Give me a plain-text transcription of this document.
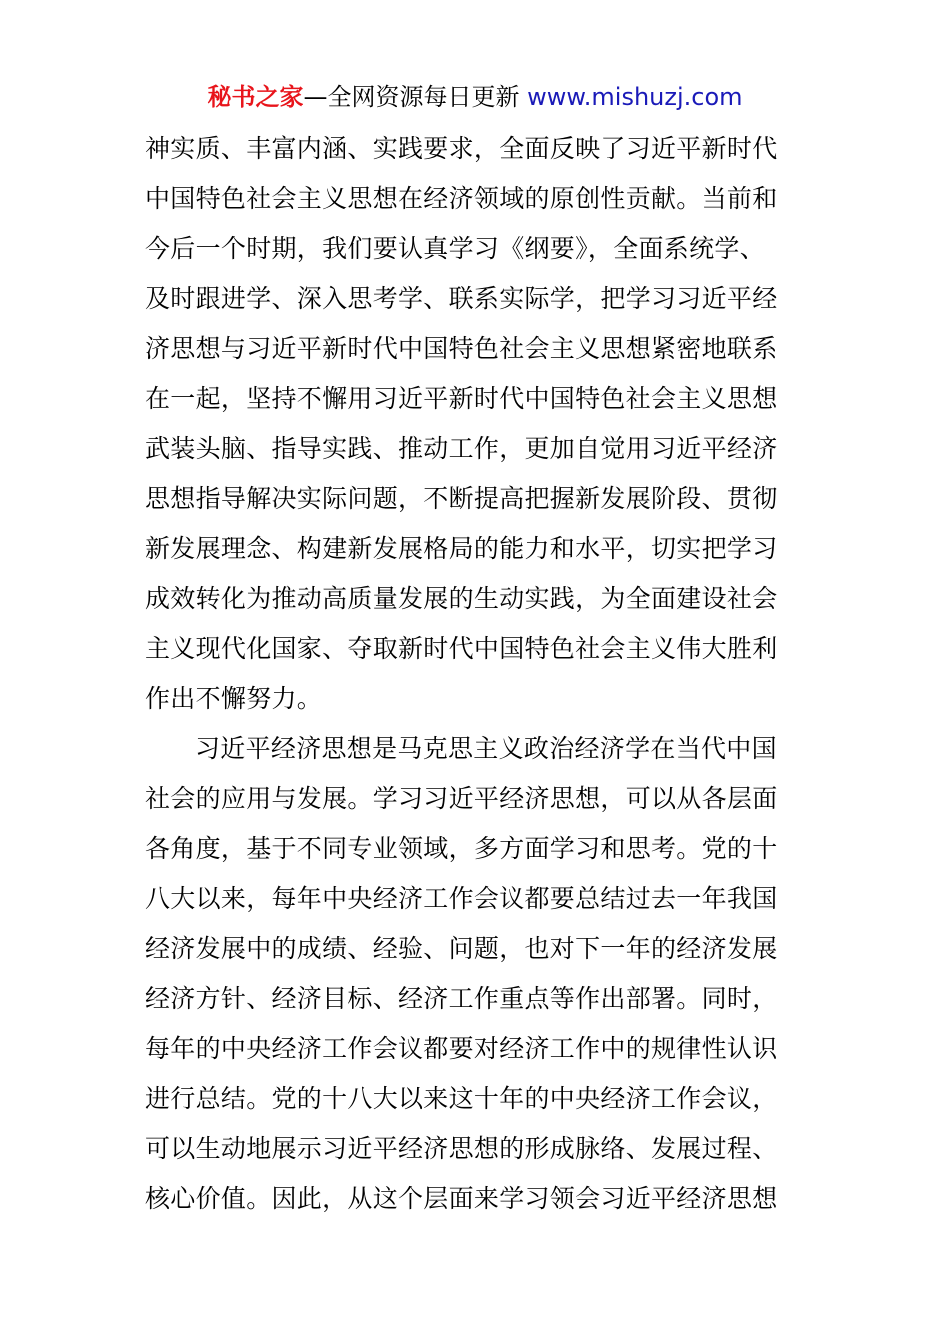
秘书之家—全网资源每日更新 www.mishuzj.com
神实质、丰富内涵、实践要求，全面反映了习近平新时代
中国特色社会主义思想在经济领域的原创性贡献。当前和
今后一个时期，我们要认真学习《纲要》，全面系统学、
及时跟进学、深入思考学、联系实际学，把学习习近平经
济思想与习近平新时代中国特色社会主义思想紧密地联系
在一起，坚持不懈用习近平新时代中国特色社会主义思想
武装头脑、指导实践、推动工作，更加自觉用习近平经济
思想指导解决实际问题，不断提高把握新发展阶段、贯彻
新发展理念、构建新发展格局的能力和水平，切实把学习
成效转化为推动高质量发展的生动实践，为全面建设社会
主义现代化国家、夺取新时代中国特色社会主义伟大胜利
作出不懈努力。
习近平经济思想是马克思主义政治经济学在当代中国
社会的应用与发展。学习习近平经济思想，可以从各层面
各角度，基于不同专业领域，多方面学习和思考。党的十
八大以来，每年中央经济工作会议都要总结过去一年我国
经济发展中的成绩、经验、问题，也对下一年的经济发展
经济方针、经济目标、经济工作重点等作出部署。同时，
每年的中央经济工作会议都要对经济工作中的规律性认识
进行总结。党的十八大以来这十年的中央经济工作会议，
可以生动地展示习近平经济思想的形成脉络、发展过程、
核心价值。因此，从这个层面来学习领会习近平经济思想
